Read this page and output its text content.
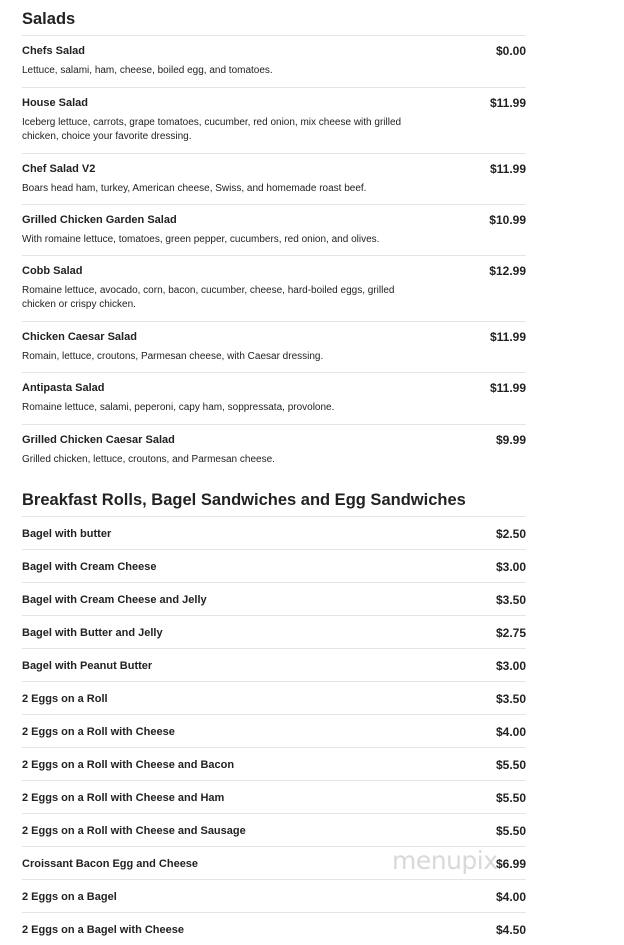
Salads
Chefs Salad	$0.00
Lettuce, salami, ham, cheese, boiled egg, and tomatoes.
House Salad	$11.99
Iceberg lettuce, carrots, grape tomatoes, cucumber, red onion, mix cheese with grilled chicken, choice your favorite dressing.
Chef Salad V2	$11.99
Boars head ham, turkey, American cheese, Swiss, and homemade roast beef.
Grilled Chicken Garden Salad	$10.99
With romaine lettuce, tomatoes, green pepper, cucumbers, red onion, and olives.
Cobb Salad	$12.99
Romaine lettuce, avocado, corn, bacon, cucumber, cheese, hard-boiled eggs, grilled chicken or crispy chicken.
Chicken Caesar Salad	$11.99
Romain, lettuce, croutons, Parmesan cheese, with Caesar dressing.
Antipasta Salad	$11.99
Romaine lettuce, salami, peperoni, capy ham, soppressata, provolone.
Grilled Chicken Caesar Salad	$9.99
Grilled chicken, lettuce, croutons, and Parmesan cheese.
Breakfast Rolls, Bagel Sandwiches and Egg Sandwiches
Bagel with butter	$2.50
Bagel with Cream Cheese	$3.00
Bagel with Cream Cheese and Jelly	$3.50
Bagel with Butter and Jelly	$2.75
Bagel with Peanut Butter	$3.00
2 Eggs on a Roll	$3.50
2 Eggs on a Roll with Cheese	$4.00
2 Eggs on a Roll with Cheese and Bacon	$5.50
2 Eggs on a Roll with Cheese and Ham	$5.50
2 Eggs on a Roll with Cheese and Sausage	$5.50
Croissant Bacon Egg and Cheese	$6.99
2 Eggs on a Bagel	$4.00
2 Eggs on a Bagel with Cheese	$4.50
menupix
